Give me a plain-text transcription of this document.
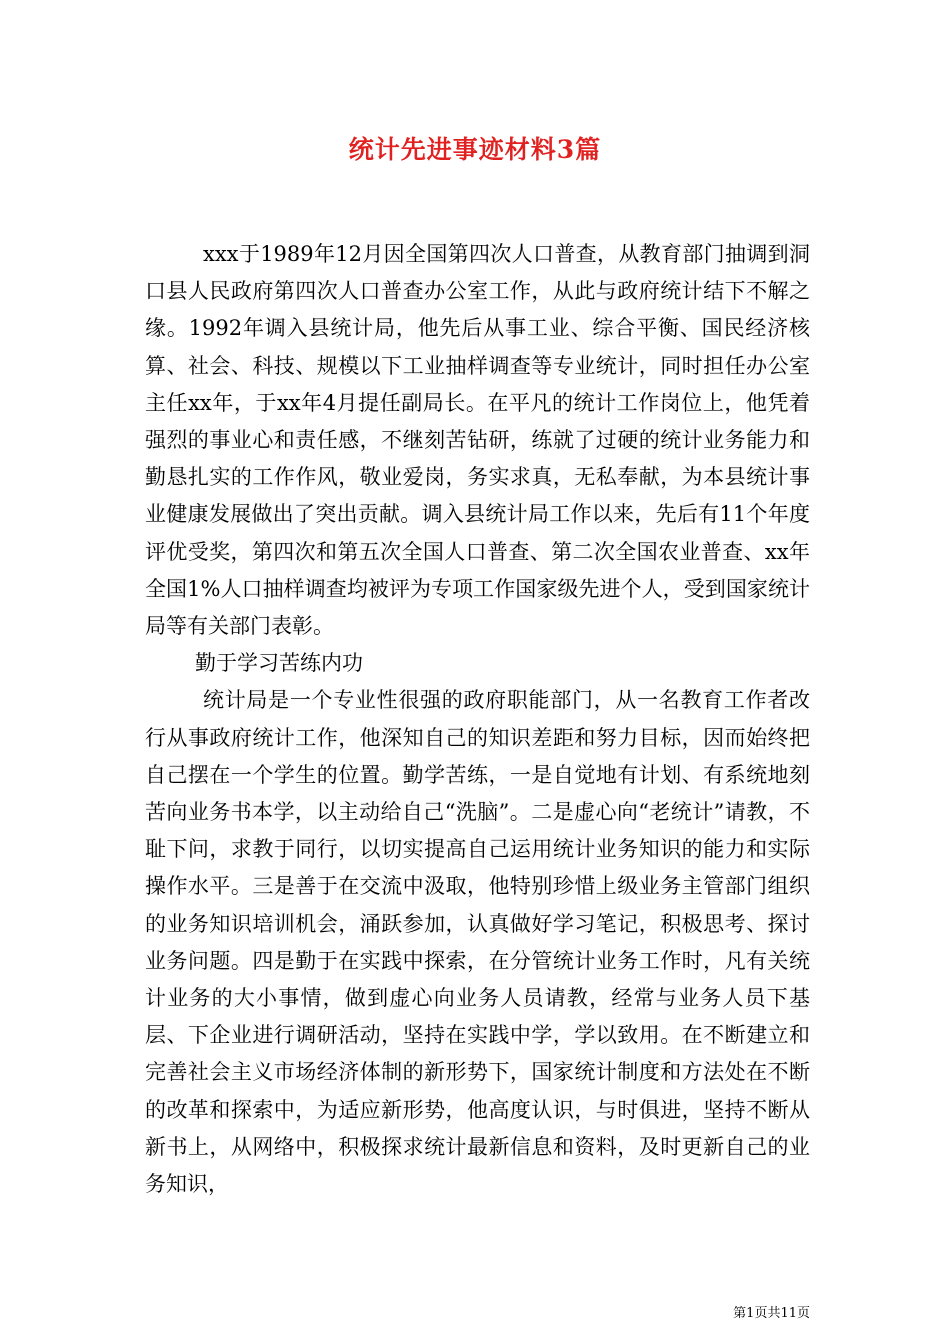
统计先进事迹材料3篇

xxx于1989年12月因全国第四次人口普查，从教育部门抽调到洞口县人民政府第四次人口普查办公室工作，从此与政府统计结下不解之缘。1992年调入县统计局，他先后从事工业、综合平衡、国民经济核算、社会、科技、规模以下工业抽样调查等专业统计，同时担任办公室主任xx年，于xx年4月提任副局长。在平凡的统计工作岗位上，他凭着强烈的事业心和责任感，不继刻苦钻研，练就了过硬的统计业务能力和勤恳扎实的工作作风，敬业爱岗，务实求真，无私奉献，为本县统计事业健康发展做出了突出贡献。调入县统计局工作以来，先后有11个年度评优受奖，第四次和第五次全国人口普查、第二次全国农业普查、xx年全国1%人口抽样调查均被评为专项工作国家级先进个人，受到国家统计局等有关部门表彰。

勤于学习苦练内功

统计局是一个专业性很强的政府职能部门，从一名教育工作者改行从事政府统计工作，他深知自己的知识差距和努力目标，因而始终把自己摆在一个学生的位置。勤学苦练，一是自觉地有计划、有系统地刻苦向业务书本学，以主动给自己“洗脑”。二是虚心向“老统计”请教，不耻下问，求教于同行，以切实提高自己运用统计业务知识的能力和实际操作水平。三是善于在交流中汲取，他特别珍惜上级业务主管部门组织的业务知识培训机会，涌跃参加，认真做好学习笔记，积极思考、探讨业务问题。四是勤于在实践中探索，在分管统计业务工作时，凡有关统计业务的大小事情，做到虚心向业务人员请教，经常与业务人员下基层、下企业进行调研活动，坚持在实践中学，学以致用。在不断建立和完善社会主义市场经济体制的新形势下，国家统计制度和方法处在不断的改革和探索中，为适应新形势，他高度认识，与时俱进，坚持不断从新书上，从网络中，积极探求统计最新信息和资料，及时更新自己的业务知识，

第1页共11页
